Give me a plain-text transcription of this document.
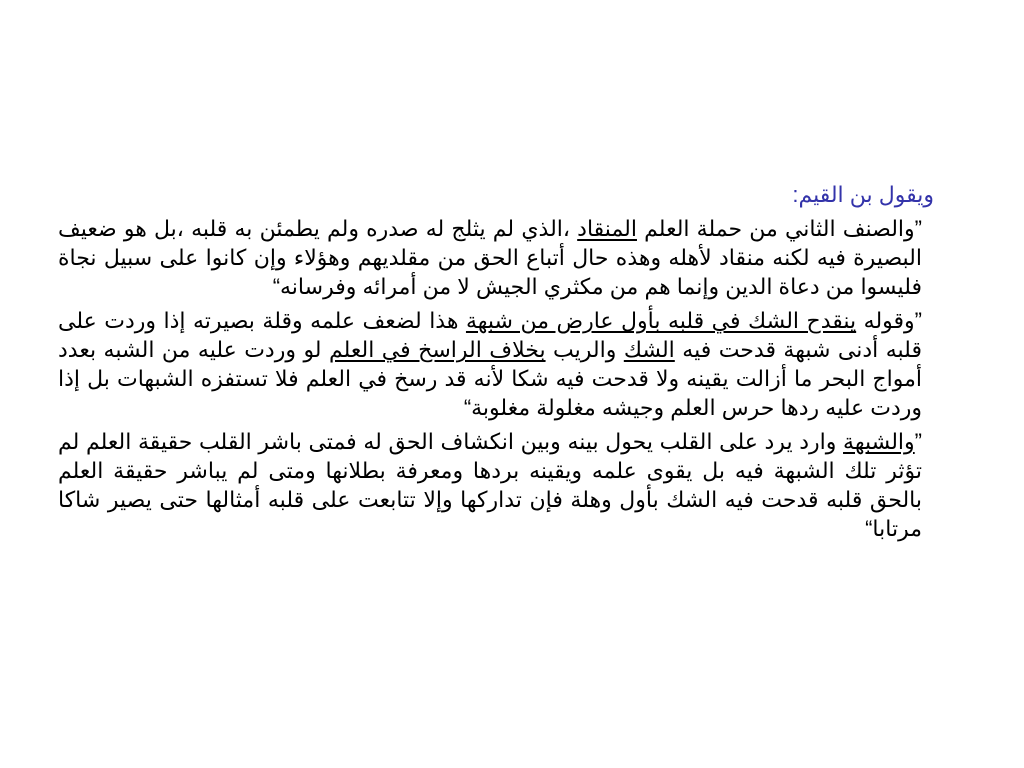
ويقول بن القيم:

”والصنف الثاني من حملة العلم المنقاد ،الذي لم يثلج له صدره ولم يطمئن به قلبه ،بل هو ضعيف البصيرة فيه لكنه منقاد لأهله وهذه حال أتباع الحق من مقلديهم وهؤلاء وإن كانوا على سبيل نجاة فليسوا من دعاة الدين وإنما هم من مكثري الجيش لا من أمرائه وفرسانه“

”وقوله ينقدح الشك في قلبه بأول عارض من شبهة هذا لضعف علمه وقلة بصيرته إذا وردت على قلبه أدنى شبهة قدحت فيه الشك والريب بخلاف الراسخ في العلم لو وردت عليه من الشبه بعدد أمواج البحر ما أزالت يقينه ولا قدحت فيه شكا لأنه قد رسخ في العلم فلا تستفزه الشبهات بل إذا وردت عليه ردها حرس العلم وجيشه مغلولة مغلوبة“

”والشبهة وارد يرد على القلب يحول بينه وبين انكشاف الحق له فمتى باشر القلب حقيقة العلم لم تؤثر تلك الشبهة فيه بل يقوى علمه ويقينه بردها ومعرفة بطلانها ومتى لم يباشر حقيقة العلم بالحق قلبه قدحت فيه الشك بأول وهلة فإن تداركها وإلا تتابعت على قلبه أمثالها حتى يصير شاكا مرتابا“
